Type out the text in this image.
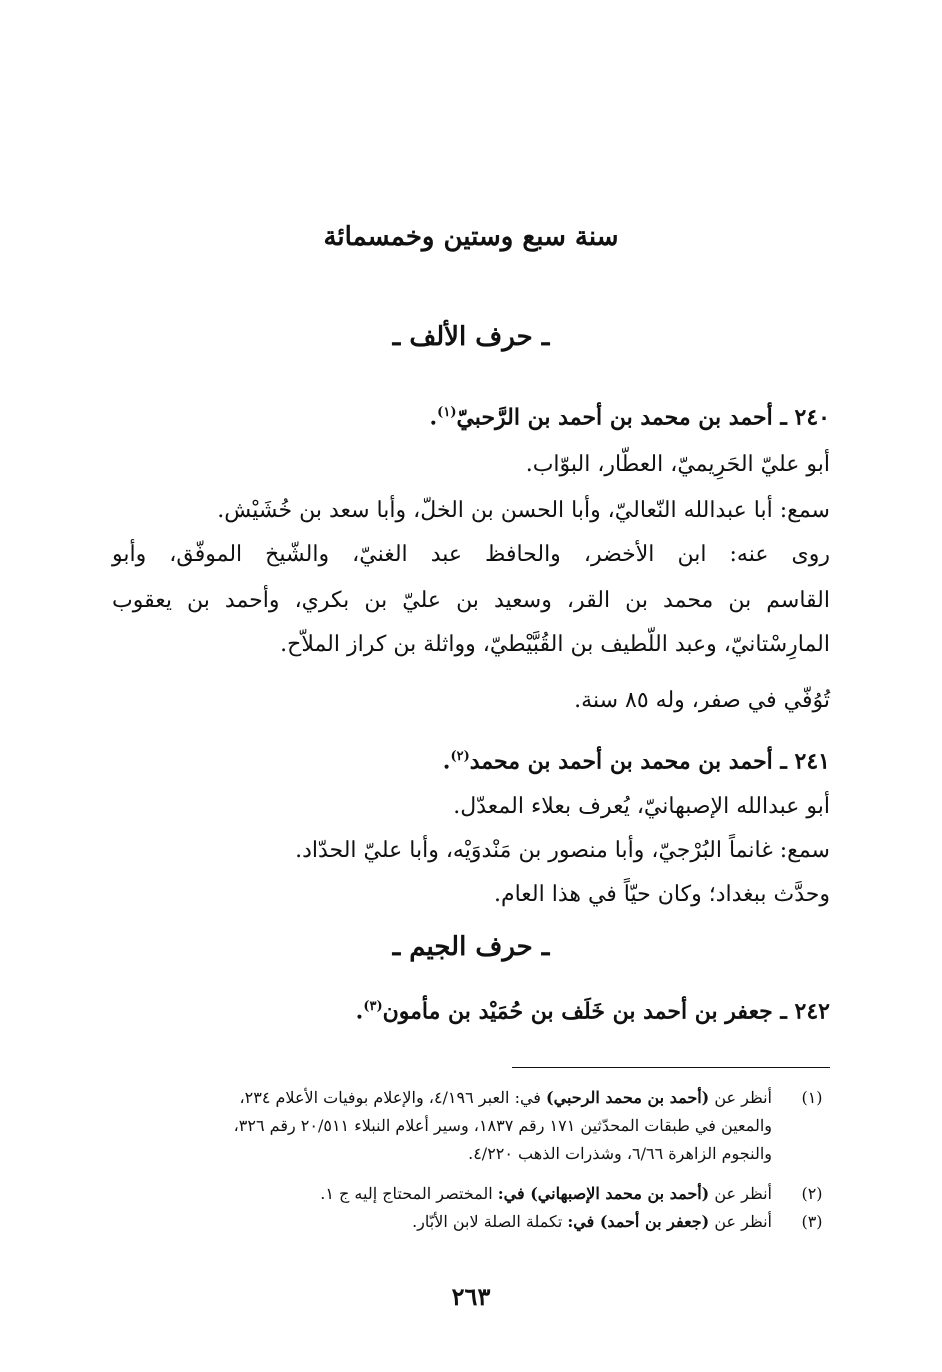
سنة سبع وستين وخمسمائة
ـ حرف الألف ـ
٢٤٠ ـ أحمد بن محمد بن أحمد بن الرَّحبيّ$^{(١)}$.
أبو عليّ الحَرِيميّ، العطّار، البوّاب.
سمع: أبا عبدالله النّعاليّ، وأبا الحسن بن الخلّ، وأبا سعد بن خُشَيْش.
روى عنه: ابن الأخضر، والحافظ عبد الغنيّ، والشّيخ الموفّق، وأبو
القاسم بن محمد بن القر، وسعيد بن عليّ بن بكري، وأحمد بن يعقوب
المارِسْتانيّ، وعبد اللّطيف بن القُبَّيْطيّ، وواثلة بن كراز الملاّح.
تُوُفّي في صفر، وله ٨٥ سنة.
٢٤١ ـ أحمد بن محمد بن أحمد بن محمد$^{(٢)}$.
أبو عبدالله الإصبهانيّ، يُعرف بعلاء المعدّل.
سمع: غانماً البُرْجيّ، وأبا منصور بن مَنْدوَيْه، وأبا عليّ الحدّاد.
وحدَّث ببغداد؛ وكان حيّاً في هذا العام.
ـ حرف الجيم ـ
٢٤٢ ـ جعفر بن أحمد بن خَلَف بن حُمَيْد بن مأمون$^{(٣)}$.
(١)
أنظر عن (أحمد بن محمد الرحبي) في: العبر ٤/١٩٦، والإعلام بوفيات الأعلام ٢٣٤،
والمعين في طبقات المحدّثين ١٧١ رقم ١٨٣٧، وسير أعلام النبلاء ٢٠/٥١١ رقم ٣٢٦،
والنجوم الزاهرة ٦/٦٦، وشذرات الذهب ٤/٢٢٠.
(٢)
أنظر عن (أحمد بن محمد الإصبهاني) في: المختصر المحتاج إليه ج ١.
(٣)
أنظر عن (جعفر بن أحمد) في: تكملة الصلة لابن الأبّار.
٢٦٣
